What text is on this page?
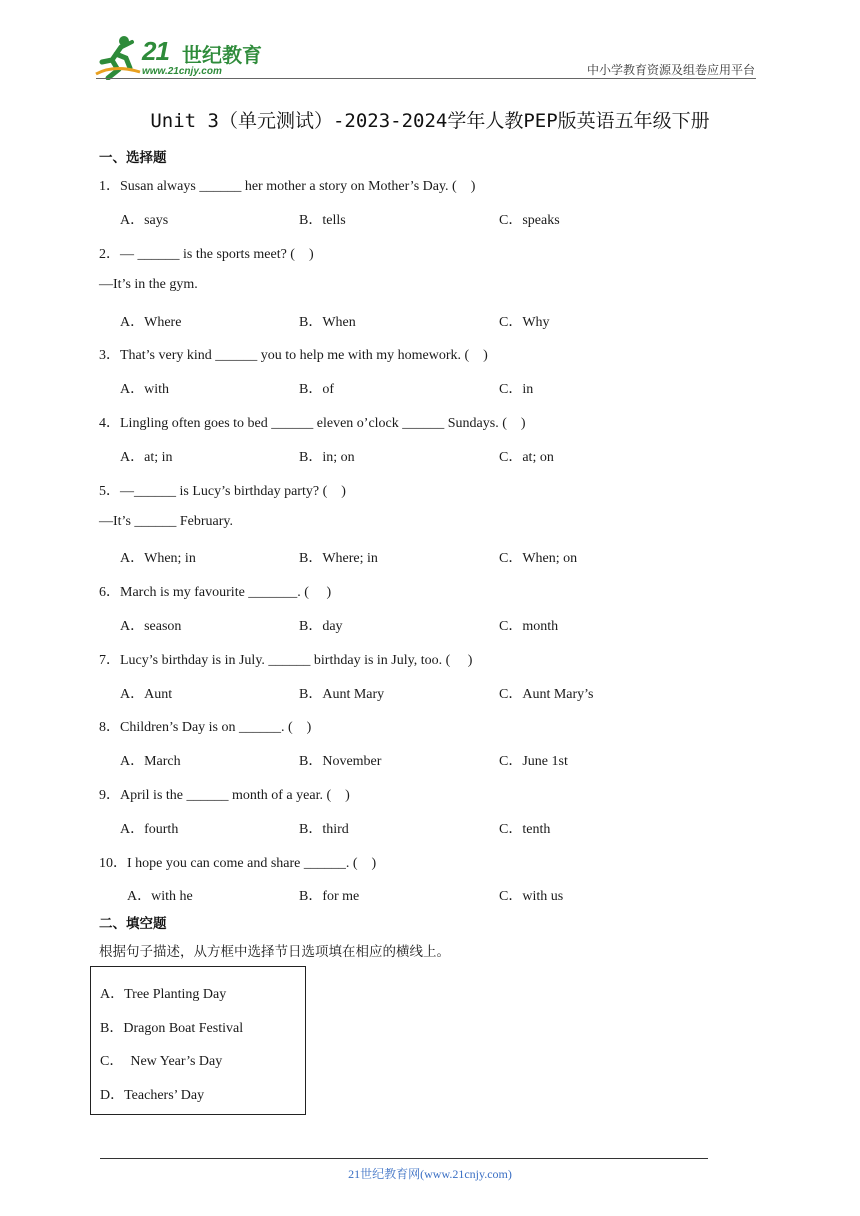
21 世纪教育
www.21cnjy.com	中小学教育资源及组卷应用平台
Unit 3（单元测试）-2023-2024学年人教PEP版英语五年级下册
一、选择题
1．Susan always ______ her mother a story on Mother’s Day. (    )
A．says	B．tells	C．speaks
2．— ______ is the sports meet? (    )
—It’s in the gym.
A．Where	B．When	C．Why
3．That’s very kind ______ you to help me with my homework. (    )
A．with	B．of	C．in
4．Lingling often goes to bed ______ eleven o’clock ______ Sundays. (    )
A．at; in	B．in; on	C．at; on
5．—______ is Lucy’s birthday party? (    )
—It’s ______ February.
A．When; in	B．Where; in	C．When; on
6．March is my favourite _______. (     )
A．season	B．day	C．month
7．Lucy’s birthday is in July. ______ birthday is in July, too. (     )
A．Aunt	B．Aunt Mary	C．Aunt Mary’s
8．Children’s Day is on ______. (    )
A．March	B．November	C．June 1st
9．April is the ______ month of a year. (    )
A．fourth	B．third	C．tenth
10．I hope you can come and share ______. (    )
A．with he	B．for me	C．with us
二、填空题
根据句子描述，从方框中选择节日选项填在相应的横线上。
A．Tree Planting Day
B．Dragon Boat Festival
C．  New Year’s Day
D．Teachers’ Day
21世纪教育网(www.21cnjy.com)
